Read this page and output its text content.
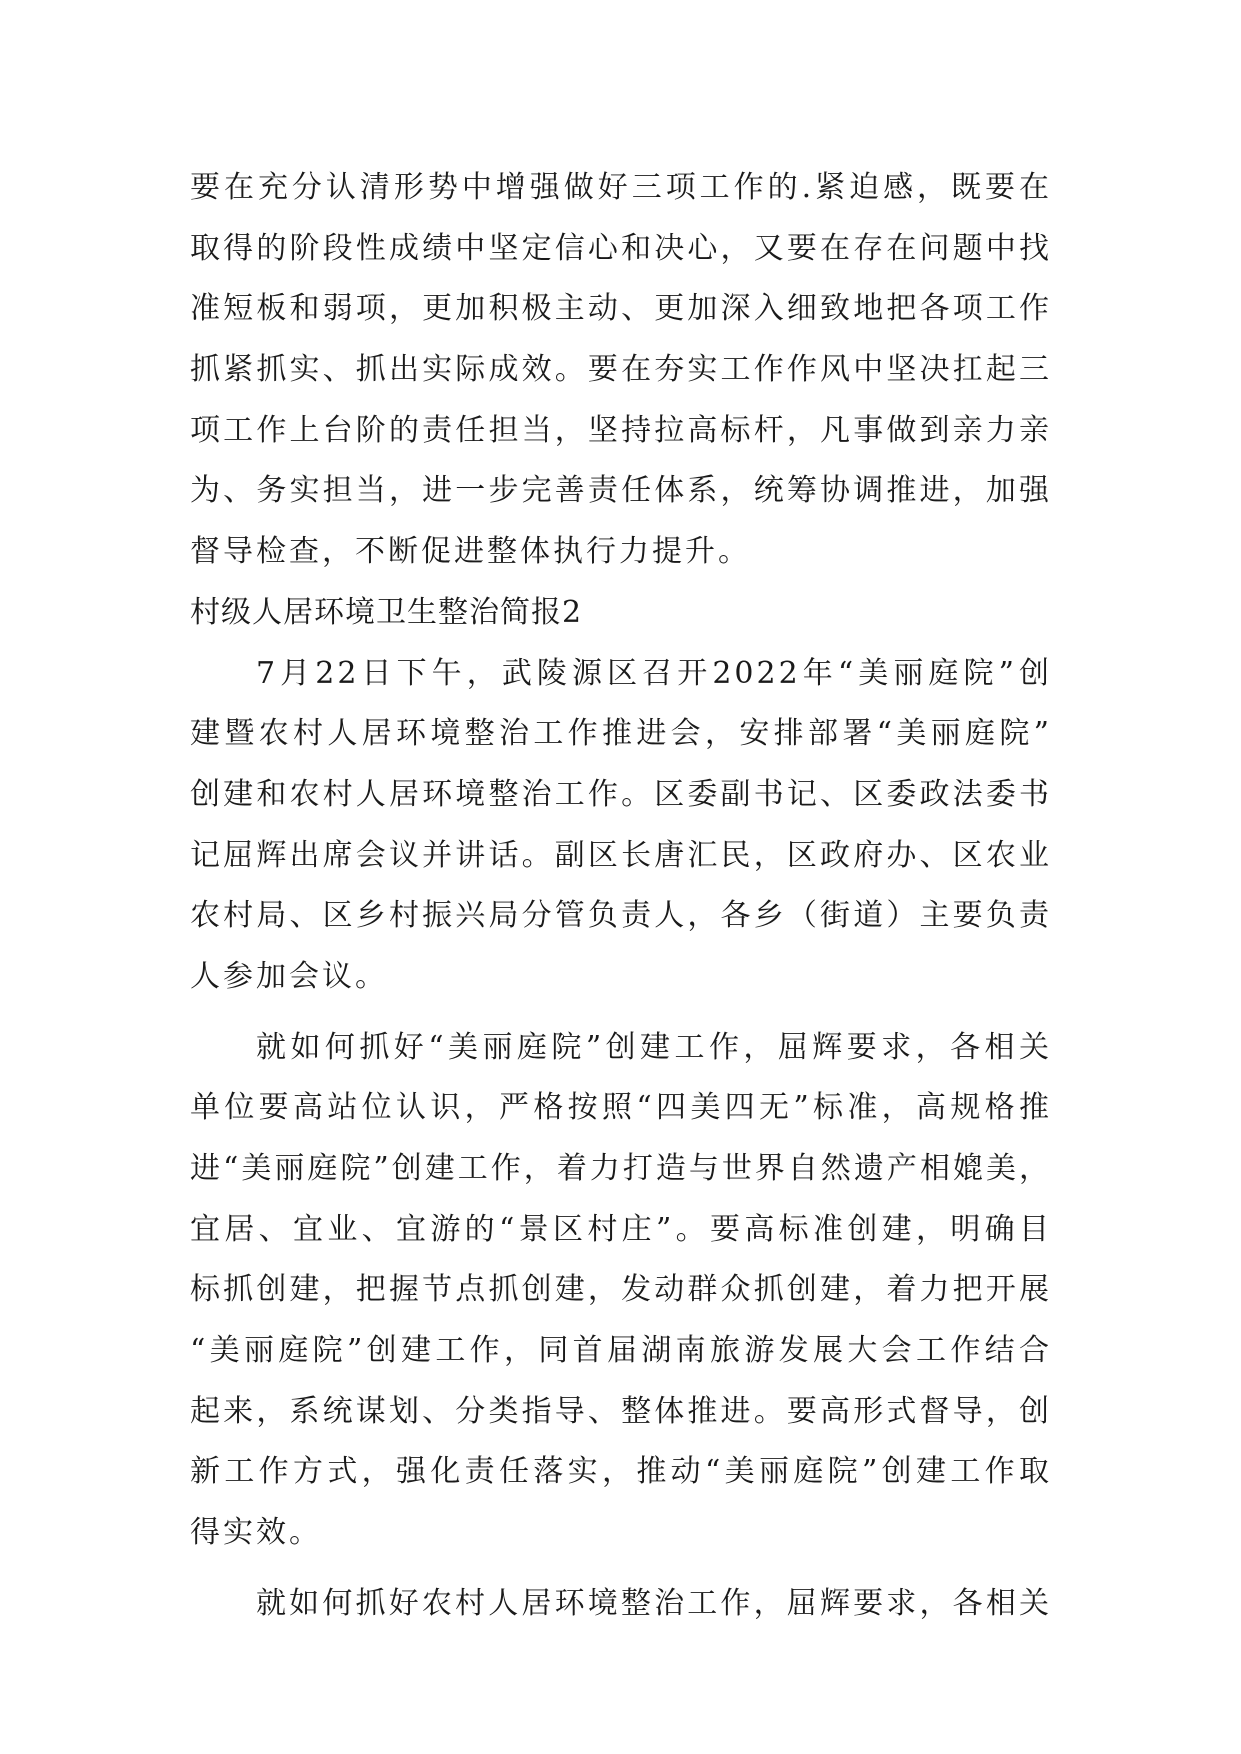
要在充分认清形势中增强做好三项工作的.紧迫感，既要在
取得的阶段性成绩中坚定信心和决心，又要在存在问题中找
准短板和弱项，更加积极主动、更加深入细致地把各项工作
抓紧抓实、抓出实际成效。要在夯实工作作风中坚决扛起三
项工作上台阶的责任担当，坚持拉高标杆，凡事做到亲力亲
为、务实担当，进一步完善责任体系，统筹协调推进，加强
督导检查，不断促进整体执行力提升。
村级人居环境卫生整治简报2
7月22日下午，武陵源区召开2022年“美丽庭院”创
建暨农村人居环境整治工作推进会，安排部署“美丽庭院”
创建和农村人居环境整治工作。区委副书记、区委政法委书
记屈辉出席会议并讲话。副区长唐汇民，区政府办、区农业
农村局、区乡村振兴局分管负责人，各乡（街道）主要负责
人参加会议。
就如何抓好“美丽庭院”创建工作，屈辉要求，各相关
单位要高站位认识，严格按照“四美四无”标准，高规格推
进“美丽庭院”创建工作，着力打造与世界自然遗产相媲美，
宜居、宜业、宜游的“景区村庄”。要高标准创建，明确目
标抓创建，把握节点抓创建，发动群众抓创建，着力把开展
“美丽庭院”创建工作，同首届湖南旅游发展大会工作结合
起来，系统谋划、分类指导、整体推进。要高形式督导，创
新工作方式，强化责任落实，推动“美丽庭院”创建工作取
得实效。
就如何抓好农村人居环境整治工作，屈辉要求，各相关
